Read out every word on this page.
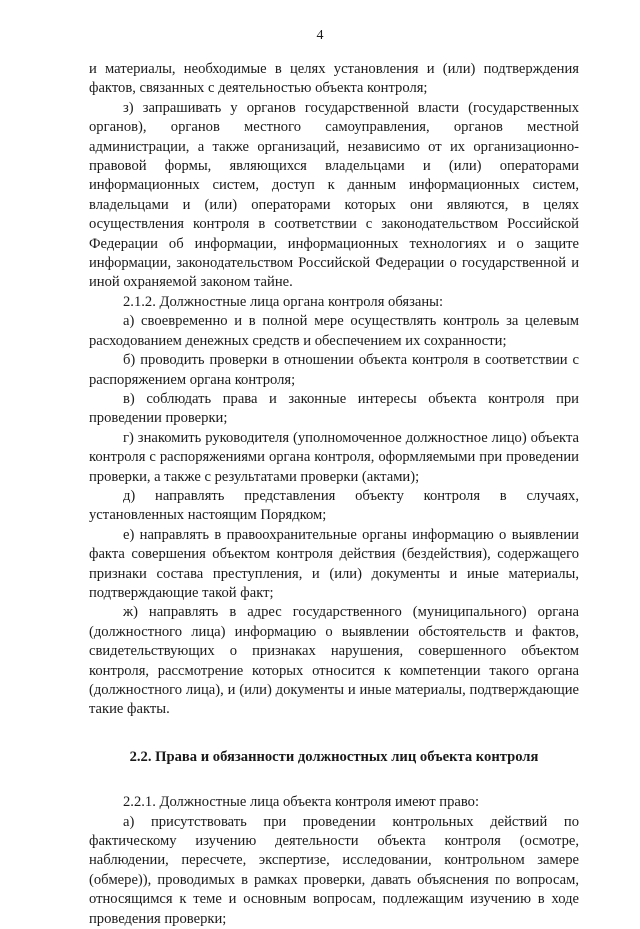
4

и материалы, необходимые в целях установления и (или) подтверждения фактов, связанных с деятельностью объекта контроля;

з) запрашивать у органов государственной власти (государственных органов), органов местного самоуправления, органов местной администрации, а также организаций, независимо от их организационно-правовой формы, являющихся владельцами и (или) операторами информационных систем, доступ к данным информационных систем, владельцами и (или) операторами которых они являются, в целях осуществления контроля в соответствии с законодательством Российской Федерации об информации, информационных технологиях и о защите информации, законодательством Российской Федерации о государственной и иной охраняемой законом тайне.

2.1.2. Должностные лица органа контроля обязаны:

а) своевременно и в полной мере осуществлять контроль за целевым расходованием денежных средств и обеспечением их сохранности;

б) проводить проверки в отношении объекта контроля в соответствии с распоряжением органа контроля;

в) соблюдать права и законные интересы объекта контроля при проведении проверки;

г) знакомить руководителя (уполномоченное должностное лицо) объекта контроля с распоряжениями органа контроля, оформляемыми при проведении проверки, а также с результатами проверки (актами);

д) направлять представления объекту контроля в случаях, установленных настоящим Порядком;

е) направлять в правоохранительные органы информацию о выявлении факта совершения объектом контроля действия (бездействия), содержащего признаки состава преступления, и (или) документы и иные материалы, подтверждающие такой факт;

ж) направлять в адрес государственного (муниципального) органа (должностного лица) информацию о выявлении обстоятельств и фактов, свидетельствующих о признаках нарушения, совершенного объектом контроля, рассмотрение которых относится к компетенции такого органа (должностного лица), и (или) документы и иные материалы, подтверждающие такие факты.

2.2. Права и обязанности должностных лиц объекта контроля

2.2.1. Должностные лица объекта контроля имеют право:

а) присутствовать при проведении контрольных действий по фактическому изучению деятельности объекта контроля (осмотре, наблюдении, пересчете, экспертизе, исследовании, контрольном замере (обмере)), проводимых в рамках проверки, давать объяснения по вопросам, относящимся к теме и основным вопросам, подлежащим изучению в ходе проведения проверки;
